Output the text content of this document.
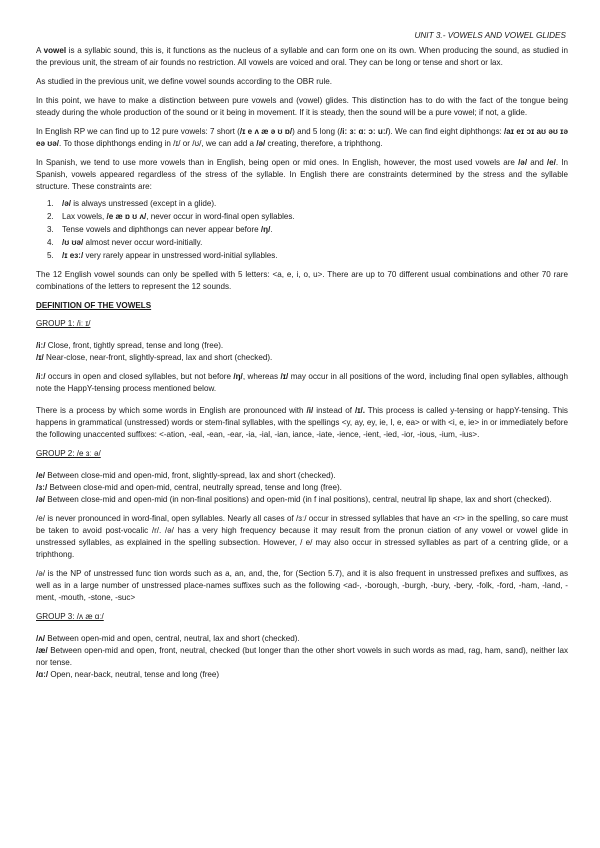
UNIT 3.- VOWELS AND VOWEL GLIDES

A vowel is a syllabic sound, this is, it functions as the nucleus of a syllable and can form one on its own. When producing the sound, as studied in the previous unit, the stream of air founds no restriction. All vowels are voiced and oral. They can be long or tense and short or lax.

As studied in the previous unit, we define vowel sounds according to the OBR rule.

In this point, we have to make a distinction between pure vowels and (vowel) glides. This distinction has to do with the fact of the tongue being steady during the whole production of the sound or it being in movement. If it is steady, then the sound will be a pure vowel; if not, a glide.

In English RP we can find up to 12 pure vowels: 7 short (/ɪ e ʌ æ ə ʊ ɒ/) and 5 long (/iː ɜː ɑː ɔː uː/). We can find eight diphthongs: /aɪ eɪ ɔɪ aʊ əʊ ɪə eə ʊə/. To those diphthongs ending in /ɪ/ or /ʊ/, we can add a /ə/ creating, therefore, a triphthong.

In Spanish, we tend to use more vowels than in English, being open or mid ones. In English, however, the most used vowels are /ə/ and /e/. In Spanish, vowels appeared regardless of the stress of the syllable. In English there are constraints determined by the stress and the syllable structure. These constraints are:

1. /ə/ is always unstressed (except in a glide).
2. Lax vowels, /e æ ɒ ʊ ʌ/, never occur in word-final open syllables.
3. Tense vowels and diphthongs can never appear before /ŋ/.
4. /ʊ ʊə/ almost never occur word-initially.
5. /ɪ eɜː/ very rarely appear in unstressed word-initial syllables.

The 12 English vowel sounds can only be spelled with 5 letters: <a, e, i, o, u>. There are up to 70 different usual combinations and other 70 rare combinations of the letters to represent the 12 sounds.

DEFINITION OF THE VOWELS
GROUP 1: /iː ɪ/

/iː/ Close, front, tightly spread, tense and long (free).

/ɪ/ Near-close, near-front, slightly-spread, lax and short (checked).

/iː/ occurs in open and closed syllables, but not before /ŋ/, whereas /ɪ/ may occur in all positions of the word, including final open syllables, although note the HappY-tensing process mentioned below.

There is a process by which some words in English are pronounced with /i/ instead of /ɪ/. This process is called y-tensing or happY-tensing. This happens in grammatical (unstressed) words or stem-final syllables, with the spellings <y, ay, ey, ie, I, e, ea> or with <i, e, ie> in or immediately before the following unaccented suffixes: <-ation, -eal, -ean, -ear, -ia, -ial, -ian, iance, -iate, -ience, -ient, -ied, -ior, -ious, -ium, -ius>.

GROUP 2: /e ɜː ə/

/e/ Between close-mid and open-mid, front, slightly-spread, lax and short (checked).

/ɜː/ Between close-mid and open-mid, central, neutrally spread, tense and long (free).

/ə/ Between close-mid and open-mid (in non-final positions) and open-mid (in f inal positions), central, neutral lip shape, lax and short (checked).

/e/ is never pronounced in word-final, open syllables. Nearly all cases of /ɜː/ occur in stressed syllables that have an <r> in the spelling, so care must be taken to avoid post-vocalic /r/. /ə/ has a very high frequency because it may result from the pronun ciation of any vowel or vowel glide in unstressed syllables, as explained in the spelling subsection. However, / e/ may also occur in stressed syllables as part of a centring glide, or a triphthong.

/ə/ is the NP of unstressed func tion words such as a, an, and, the, for (Section 5.7), and it is also frequent in unstressed prefixes and suffixes, as well as in a large number of unstressed place-names suffixes such as the following <ad-, -borough, -burgh, -bury, -bery, -folk, -ford, -ham, -land, -ment, -mouth, -stone, -suc>

GROUP 3: /ʌ æ ɑː/

/ʌ/ Between open-mid and open, central, neutral, lax and short (checked).

/æ/ Between open-mid and open, front, neutral, checked (but longer than the other short vowels in such words as mad, rag, ham, sand), neither lax nor tense.

/ɑː/ Open, near-back, neutral, tense and long (free)
